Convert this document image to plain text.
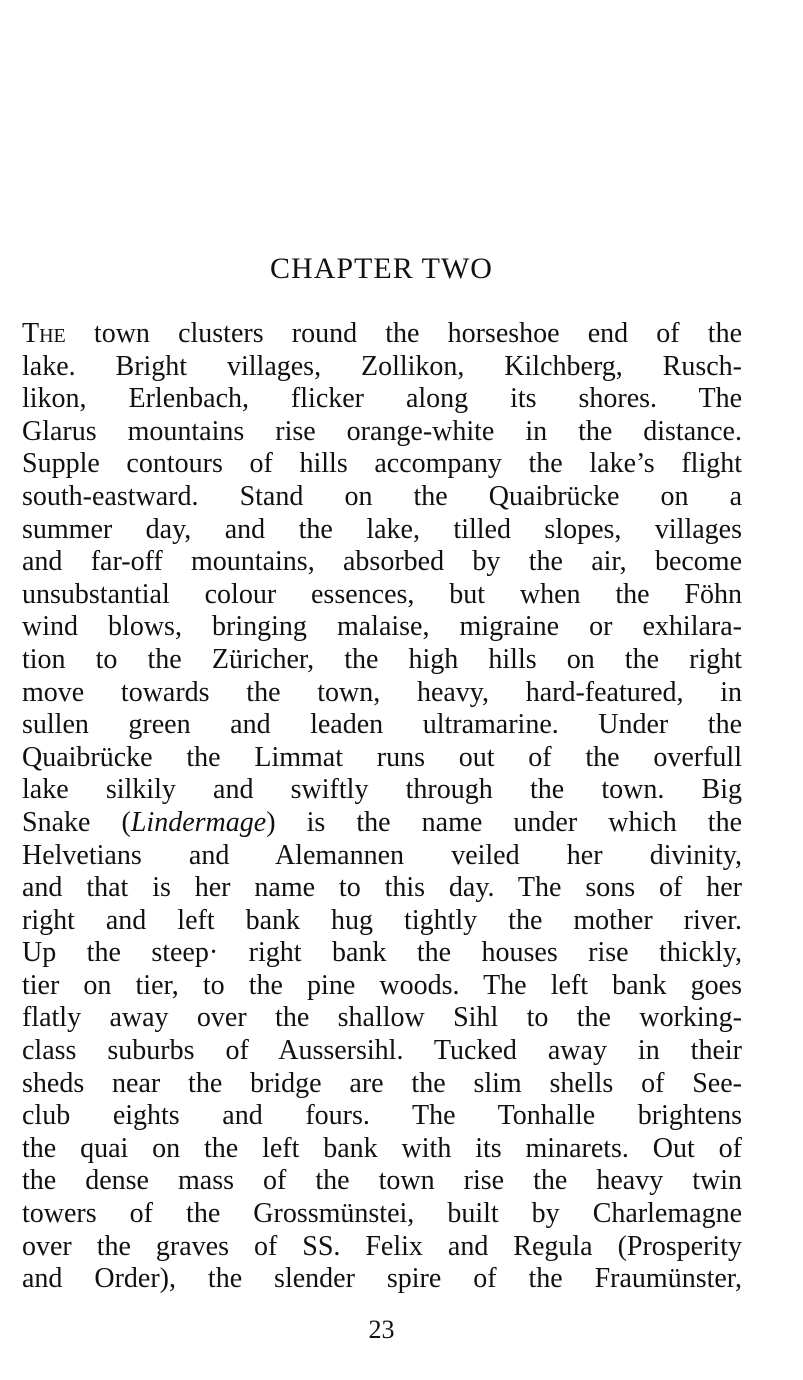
CHAPTER TWO
The town clusters round the horseshoe end of the
lake. Bright villages, Zollikon, Kilchberg, Rusch-
likon, Erlenbach, flicker along its shores. The
Glarus mountains rise orange-white in the distance.
Supple contours of hills accompany the lake’s flight
south-eastward. Stand on the Quaibrücke on a
summer day, and the lake, tilled slopes, villages
and far-off mountains, absorbed by the air, become
unsubstantial colour essences, but when the Föhn
wind blows, bringing malaise, migraine or exhilara-
tion to the Züricher, the high hills on the right
move towards the town, heavy, hard-featured, in
sullen green and leaden ultramarine. Under the
Quaibrücke the Limmat runs out of the overfull
lake silkily and swiftly through the town. Big
Snake (Lindermage) is the name under which the
Helvetians and Alemannen veiled her divinity,
and that is her name to this day. The sons of her
right and left bank hug tightly the mother river.
Up the steep· right bank the houses rise thickly,
tier on tier, to the pine woods. The left bank goes
flatly away over the shallow Sihl to the working-
class suburbs of Aussersihl. Tucked away in their
sheds near the bridge are the slim shells of See-
club eights and fours. The Tonhalle brightens
the quai on the left bank with its minarets. Out of
the dense mass of the town rise the heavy twin
towers of the Grossmünstei, built by Charlemagne
over the graves of SS. Felix and Regula (Prosperity
and Order), the slender spire of the Fraumünster,
23
